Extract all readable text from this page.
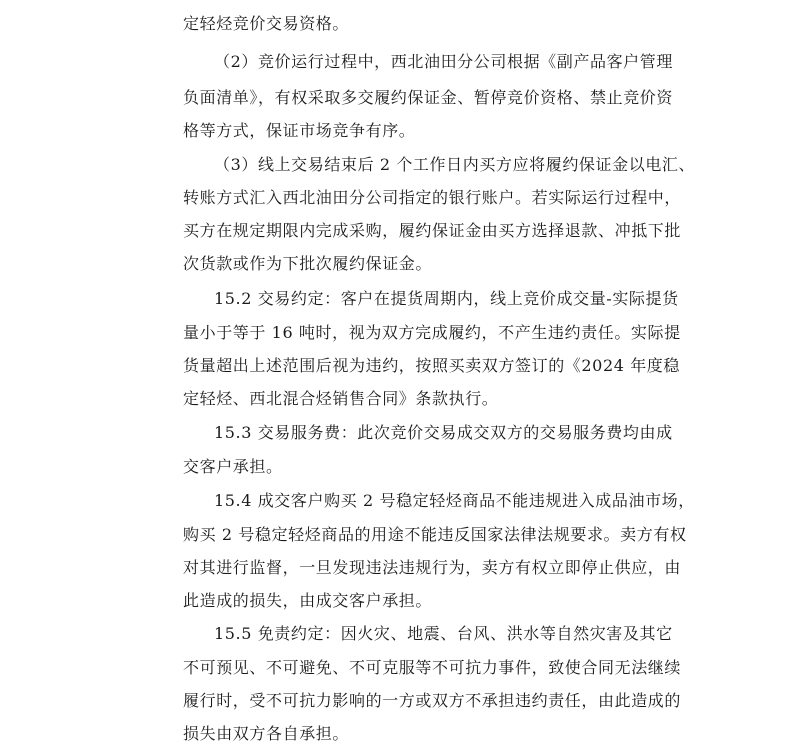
定轻烃竞价交易资格。
（2）竞价运行过程中，西北油田分公司根据《副产品客户管理
负面清单》，有权采取多交履约保证金、暂停竞价资格、禁止竞价资
格等方式，保证市场竞争有序。
（3）线上交易结束后 2 个工作日内买方应将履约保证金以电汇、
转账方式汇入西北油田分公司指定的银行账户。若实际运行过程中，
买方在规定期限内完成采购，履约保证金由买方选择退款、冲抵下批
次货款或作为下批次履约保证金。
15.2 交易约定：客户在提货周期内，线上竞价成交量-实际提货
量小于等于 16 吨时，视为双方完成履约，不产生违约责任。实际提
货量超出上述范围后视为违约，按照买卖双方签订的《2024 年度稳
定轻烃、西北混合烃销售合同》条款执行。
15.3 交易服务费：此次竞价交易成交双方的交易服务费均由成
交客户承担。
15.4 成交客户购买 2 号稳定轻烃商品不能违规进入成品油市场，
购买 2 号稳定轻烃商品的用途不能违反国家法律法规要求。卖方有权
对其进行监督，一旦发现违法违规行为，卖方有权立即停止供应，由
此造成的损失，由成交客户承担。
15.5 免责约定：因火灾、地震、台风、洪水等自然灾害及其它
不可预见、不可避免、不可克服等不可抗力事件，致使合同无法继续
履行时，受不可抗力影响的一方或双方不承担违约责任，由此造成的
损失由双方各自承担。
